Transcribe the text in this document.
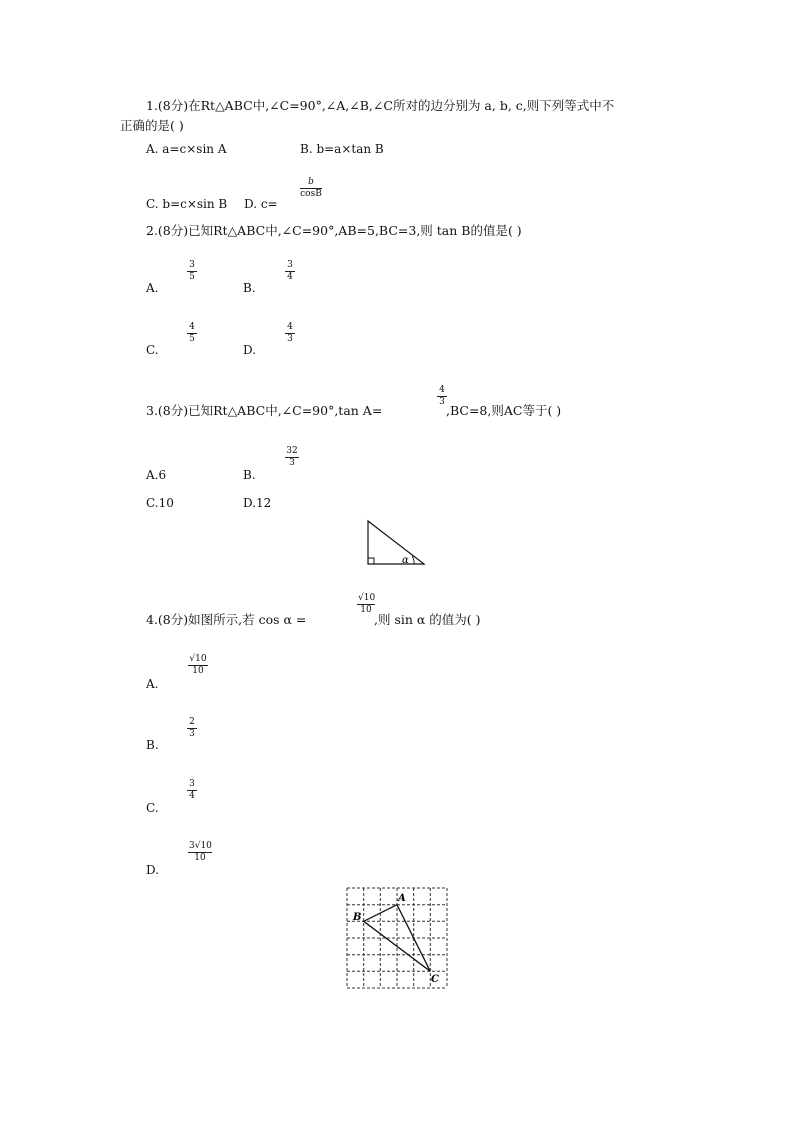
1.(8分)在Rt△ABC中,∠C=90°,∠A,∠B,∠C所对的边分别为 a, b, c,则下列等式中不
正确的是( )
A. a=c×sin A	B. b=a×tan B
C. b=c×sin B D. c=
b
cosB
2.(8分)已知Rt△ABC中,∠C=90°,AB=5,BC=3,则 tan B的值是( )
A.
3
5
B.
3
4
C.
4
5
D.
4
3
3.(8分)已知Rt△ABC中,∠C=90°,tan A=
4
3
,BC=8,则AC等于( )
A.6	B.
32
3
C.10	D.12
α
4.(8分)如图所示,若 cos α =
√10
10
,则 sin α 的值为( )
A.
√10
10
B.
2
3
C.
3
4
D.
3√10
10
A
B
C
